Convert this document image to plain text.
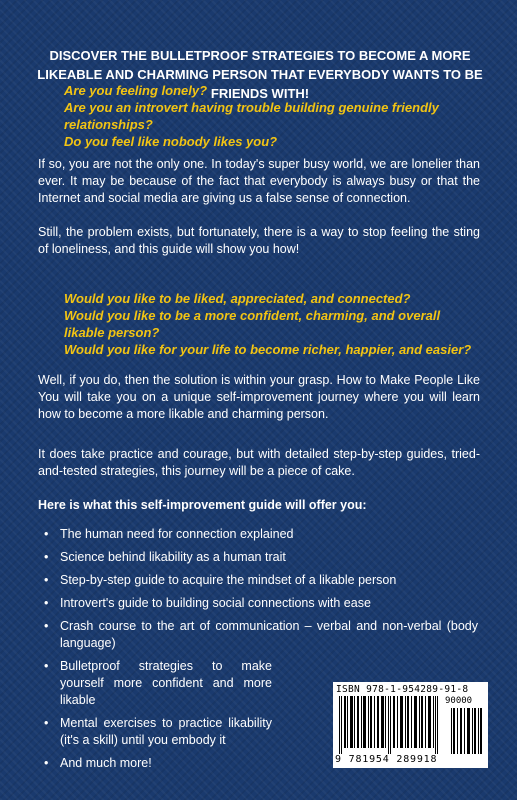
DISCOVER THE BULLETPROOF STRATEGIES TO BECOME A MORE LIKEABLE AND CHARMING PERSON THAT EVERYBODY WANTS TO BE FRIENDS WITH!

Are you feeling lonely?

Are you an introvert having trouble building genuine friendly relationships?

Do you feel like nobody likes you?

If so, you are not the only one. In today's super busy world, we are lonelier than ever. It may be because of the fact that everybody is always busy or that the Internet and social media are giving us a false sense of connection.

Still, the problem exists, but fortunately, there is a way to stop feeling the sting of loneliness, and this guide will show you how!

Would you like to be liked, appreciated, and connected?

Would you like to be a more confident, charming, and overall likable person?

Would you like for your life to become richer, happier, and easier?

Well, if you do, then the solution is within your grasp. How to Make People Like You will take you on a unique self-improvement journey where you will learn how to become a more likable and charming person.

It does take practice and courage, but with detailed step-by-step guides, tried-and-tested strategies, this journey will be a piece of cake.

Here is what this self-improvement guide will offer you:

• The human need for connection explained
• Science behind likability as a human trait
• Step-by-step guide to acquire the mindset of a likable person
• Introvert's guide to building social connections with ease
• Crash course to the art of communication – verbal and non-verbal (body language)
• Bulletproof strategies to make yourself more confident and more likable
• Mental exercises to practice likability (it's a skill) until you embody it
• And much more!
ISBN 978-1-954289-91-8
90000
9 781954 289918
